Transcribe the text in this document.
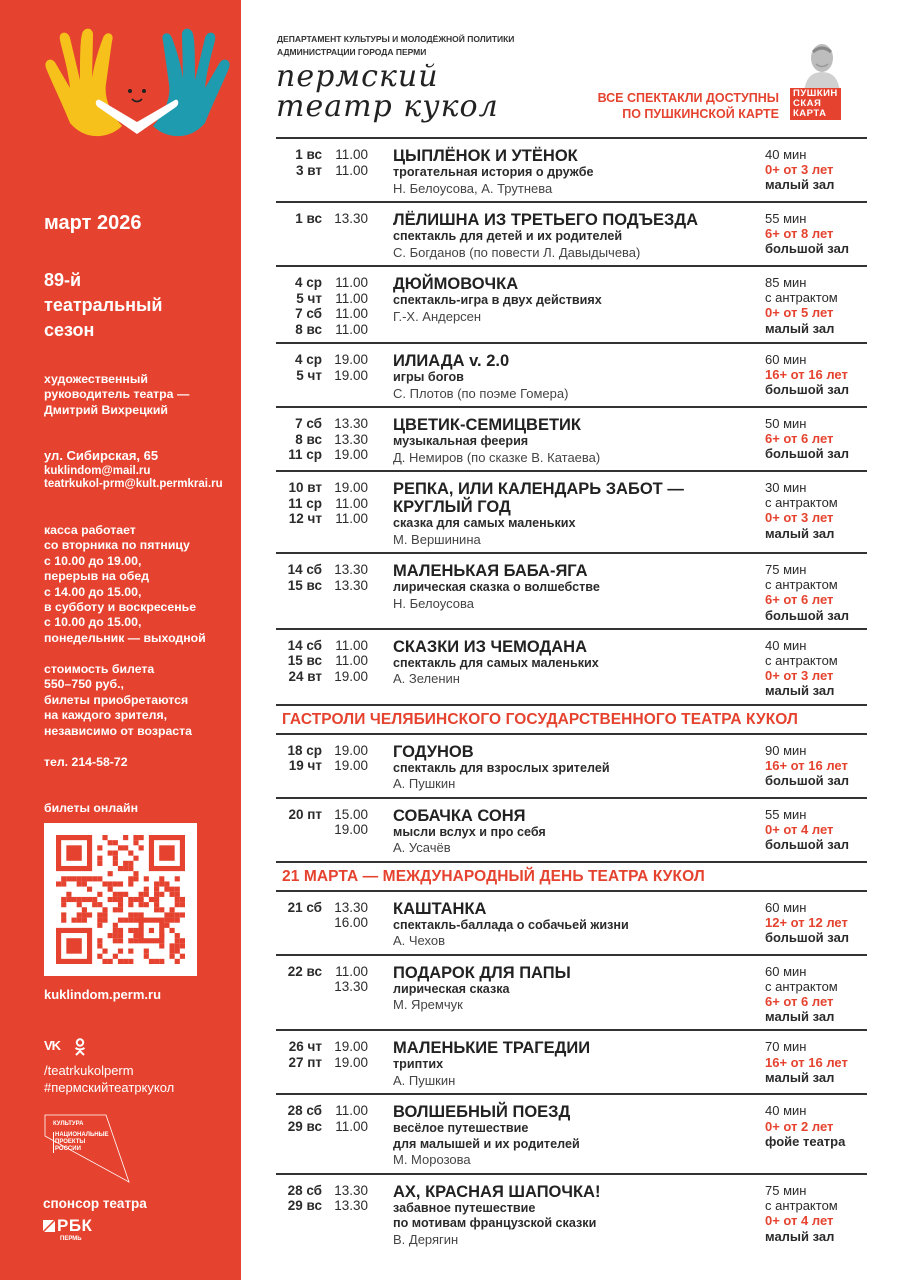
март 2026
89-й
театральный
сезон
художественный
руководитель театра —
Дмитрий Вихрецкий
ул. Сибирская, 65
kuklindom@mail.ru
teatrkukol-prm@kult.permkrai.ru
касса работает
со вторника по пятницу
с 10.00 до 19.00,
перерыв на обед
с 14.00 до 15.00,
в субботу и воскресенье
с 10.00 до 15.00,
понедельник — выходной
стоимость билета
550–750 руб.,
билеты приобретаются
на каждого зрителя,
независимо от возраста
тел. 214-58-72
билеты онлайн
kuklindom.perm.ru
VK
/teatrkukolperm
#пермскийтеатркукол
КУЛЬТУРА
НАЦИОНАЛЬНЫЕ
ПРОЕКТЫ
РОССИИ
спонсор театра
РБК
ПЕРМЬ
ДЕПАРТАМЕНТ КУЛЬТУРЫ И МОЛОДЁЖНОЙ ПОЛИТИКИ
АДМИНИСТРАЦИИ ГОРОДА ПЕРМИ
пермский
театр кукол	ВСЕ СПЕКТАКЛИ ДОСТУПНЫ
ПО ПУШКИНСКОЙ КАРТЕ
ПУШКИН
СКАЯ
КАРТА
1 вс 11.00
3 вт 11.00
ЦЫПЛЁНОК И УТЁНОК
трогательная история о дружбе
Н. Белоусова, А. Трутнева
40 мин
0+ от 3 лет
малый зал
1 вс 13.30 ЛЁЛИШНА ИЗ ТРЕТЬЕГО ПОДЪЕЗДА
спектакль для детей и их родителей
С. Богданов (по повести Л. Давыдычева)
55 мин
6+ от 8 лет
большой зал
4 ср 11.00
5 чт 11.00
7 сб 11.00
8 вс 11.00
ДЮЙМОВОЧКА
спектакль-игра в двух действиях
Г.-Х. Андерсен
85 мин
с антрактом
0+ от 5 лет
малый зал
4 ср 19.00
5 чт 19.00
ИЛИАДА v. 2.0
игры богов
С. Плотов (по поэме Гомера)
60 мин
16+ от 16 лет
большой зал
7 сб 13.30
8 вс 13.30
11 ср 19.00
ЦВЕТИК-СЕМИЦВЕТИК
музыкальная феерия
Д. Немиров (по сказке В. Катаева)
50 мин
6+ от 6 лет
большой зал
10 вт 19.00
11 ср 11.00
12 чт 11.00
РЕПКА, ИЛИ КАЛЕНДАРЬ ЗАБОТ —
КРУГЛЫЙ ГОД
сказка для самых маленьких
М. Вершинина
30 мин
с антрактом
0+ от 3 лет
малый зал
14 сб 13.30
15 вс 13.30
МАЛЕНЬКАЯ БАБА-ЯГА
лирическая сказка о волшебстве
Н. Белоусова
75 мин
с антрактом
6+ от 6 лет
большой зал
14 сб 11.00
15 вс 11.00
24 вт 19.00
СКАЗКИ ИЗ ЧЕМОДАНА
спектакль для самых маленьких
А. Зеленин
40 мин
с антрактом
0+ от 3 лет
малый зал
ГАСТРОЛИ ЧЕЛЯБИНСКОГО ГОСУДАРСТВЕННОГО ТЕАТРА КУКОЛ
18 ср 19.00
19 чт 19.00
ГОДУНОВ
спектакль для взрослых зрителей
А. Пушкин
90 мин
16+ от 16 лет
большой зал
20 пт 15.00
19.00
СОБАЧКА СОНЯ
мысли вслух и про себя
А. Усачёв
55 мин
0+ от 4 лет
большой зал
21 МАРТА — МЕЖДУНАРОДНЫЙ ДЕНЬ ТЕАТРА КУКОЛ
21 сб 13.30
16.00
КАШТАНКА
спектакль-баллада о собачьей жизни
А. Чехов
60 мин
12+ от 12 лет
большой зал
22 вс 11.00
13.30
ПОДАРОК ДЛЯ ПАПЫ
лирическая сказка
М. Яремчук
60 мин
с антрактом
6+ от 6 лет
малый зал
26 чт 19.00
27 пт 19.00
МАЛЕНЬКИЕ ТРАГЕДИИ
триптих
А. Пушкин
70 мин
16+ от 16 лет
малый зал
28 сб 11.00
29 вс 11.00
ВОЛШЕБНЫЙ ПОЕЗД
весёлое путешествие
для малышей и их родителей
М. Морозова
40 мин
0+ от 2 лет
фойе театра
28 сб 13.30
29 вс 13.30
АХ, КРАСНАЯ ШАПОЧКА!
забавное путешествие
по мотивам французской сказки
В. Дерягин
75 мин
с антрактом
0+ от 4 лет
малый зал
